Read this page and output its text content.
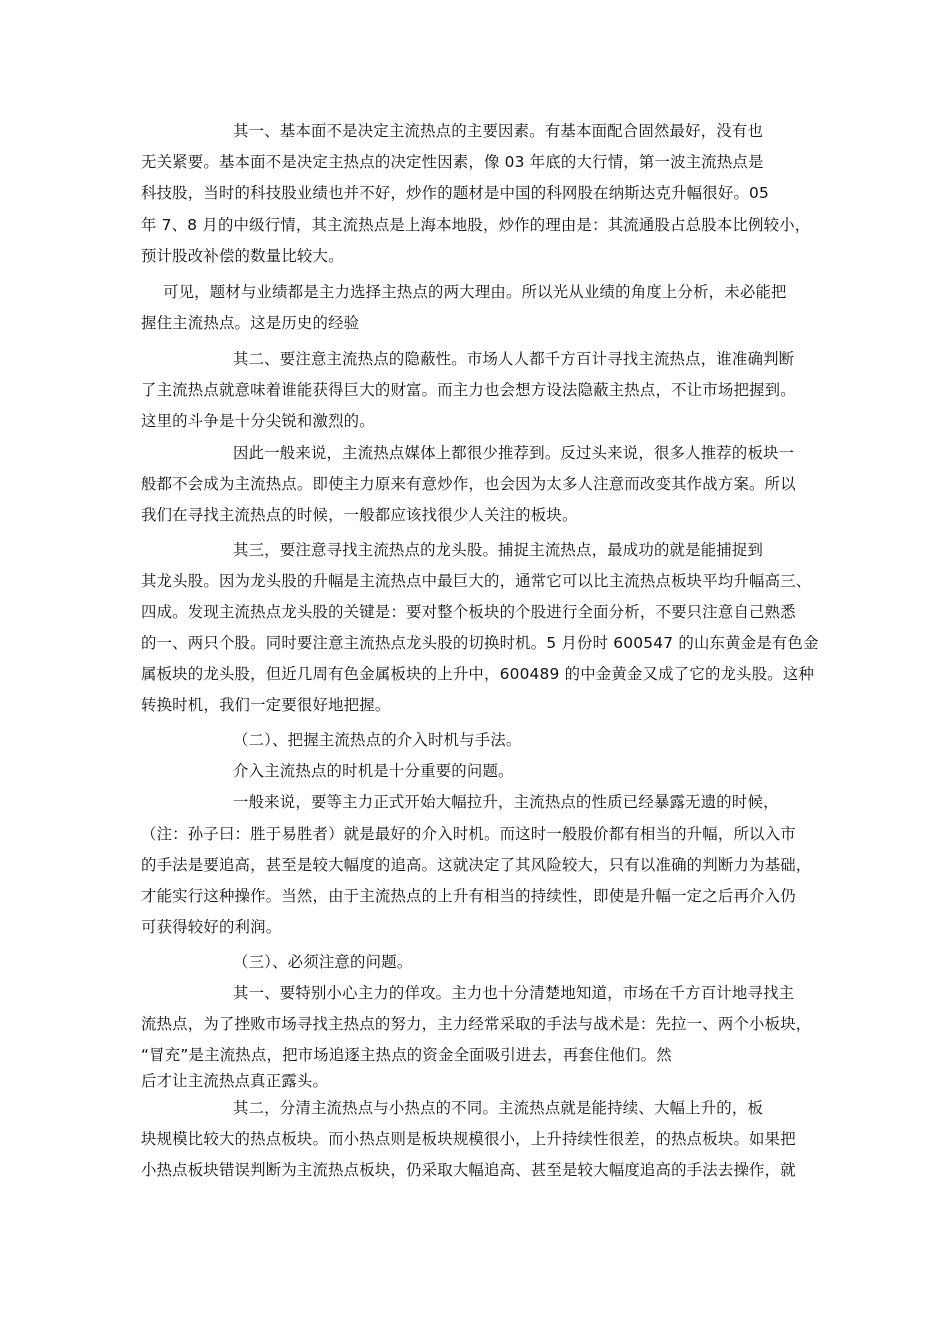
其一、基本面不是决定主流热点的主要因素。有基本面配合固然最好，没有也

无关紧要。基本面不是决定主热点的决定性因素，像 03 年底的大行情，第一波主流热点是

科技股，当时的科技股业绩也并不好，炒作的题材是中国的科网股在纳斯达克升幅很好。05

年 7、8 月的中级行情，其主流热点是上海本地股，炒作的理由是：其流通股占总股本比例较小，

预计股改补偿的数量比较大。

可见，题材与业绩都是主力选择主热点的两大理由。所以光从业绩的角度上分析，未必能把

握住主流热点。这是历史的经验

其二、要注意主流热点的隐蔽性。市场人人都千方百计寻找主流热点，谁准确判断

了主流热点就意味着谁能获得巨大的财富。而主力也会想方设法隐蔽主热点，不让市场把握到。

这里的斗争是十分尖锐和激烈的。

因此一般来说，主流热点媒体上都很少推荐到。反过头来说，很多人推荐的板块一

般都不会成为主流热点。即使主力原来有意炒作，也会因为太多人注意而改变其作战方案。所以

我们在寻找主流热点的时候，一般都应该找很少人关注的板块。

其三，要注意寻找主流热点的龙头股。捕捉主流热点，最成功的就是能捕捉到

其龙头股。因为龙头股的升幅是主流热点中最巨大的，通常它可以比主流热点板块平均升幅高三、

四成。发现主流热点龙头股的关键是：要对整个板块的个股进行全面分析，不要只注意自己熟悉

的一、两只个股。同时要注意主流热点龙头股的切换时机。5 月份时 600547 的山东黄金是有色金

属板块的龙头股，但近几周有色金属板块的上升中，600489 的中金黄金又成了它的龙头股。这种

转换时机，我们一定要很好地把握。

（二）、把握主流热点的介入时机与手法。

介入主流热点的时机是十分重要的问题。

一般来说，要等主力正式开始大幅拉升，主流热点的性质已经暴露无遗的时候，

（注：孙子曰：胜于易胜者）就是最好的介入时机。而这时一般股价都有相当的升幅，所以入市

的手法是要追高，甚至是较大幅度的追高。这就决定了其风险较大，只有以准确的判断力为基础，

才能实行这种操作。当然，由于主流热点的上升有相当的持续性，即使是升幅一定之后再介入仍

可获得较好的利润。

（三）、必须注意的问题。

其一、要特别小心主力的佯攻。主力也十分清楚地知道，市场在千方百计地寻找主

流热点，为了挫败市场寻找主热点的努力，主力经常采取的手法与战术是：先拉一、两个小板块，

“冒充”是主流热点，把市场追逐主热点的资金全面吸引进去，再套住他们。然

后才让主流热点真正露头。

其二，分清主流热点与小热点的不同。主流热点就是能持续、大幅上升的，板

块规模比较大的热点板块。而小热点则是板块规模很小，上升持续性很差，的热点板块。如果把

小热点板块错误判断为主流热点板块，仍采取大幅追高、甚至是较大幅度追高的手法去操作，就
